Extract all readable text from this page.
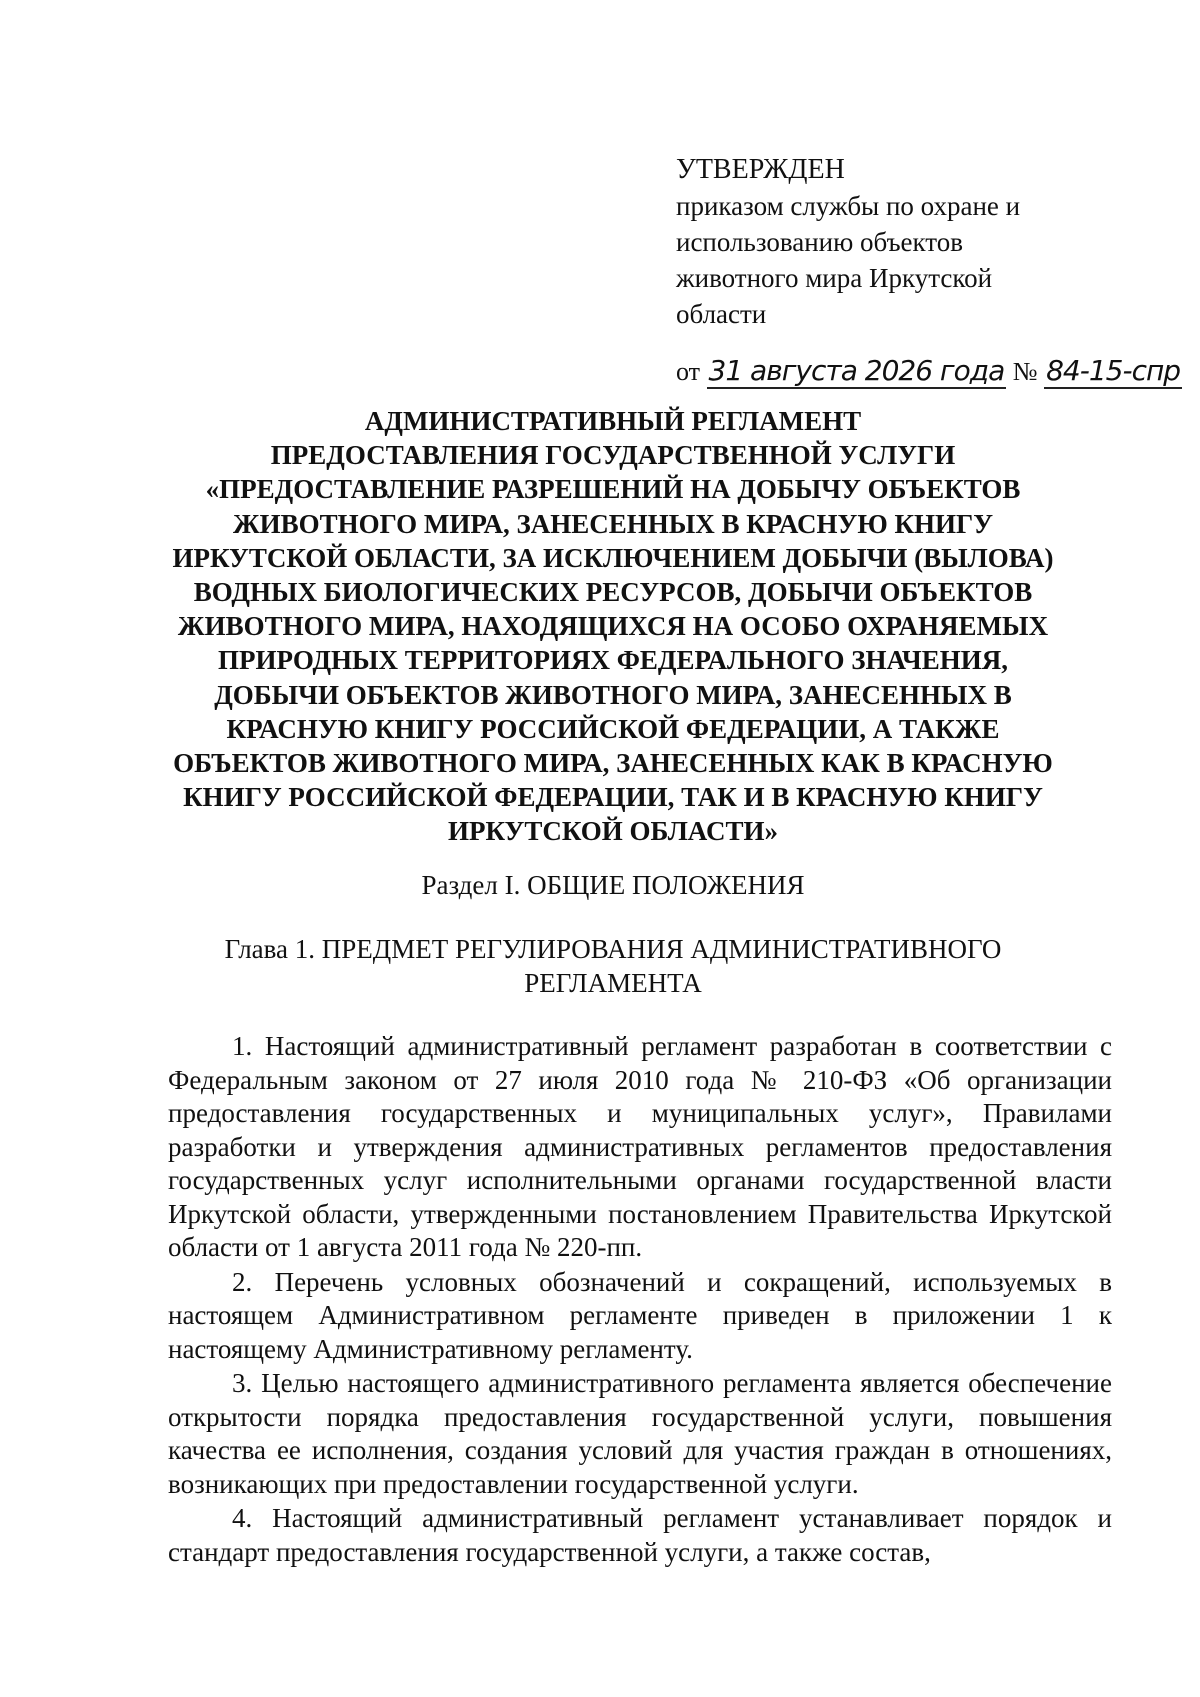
УТВЕРЖДЕН
приказом службы по охране и
использованию объектов
животного мира Иркутской
области
от 31 августа 2026 года № 84-15-спр
АДМИНИСТРАТИВНЫЙ РЕГЛАМЕНТ
ПРЕДОСТАВЛЕНИЯ ГОСУДАРСТВЕННОЙ УСЛУГИ
«ПРЕДОСТАВЛЕНИЕ РАЗРЕШЕНИЙ НА ДОБЫЧУ ОБЪЕКТОВ
ЖИВОТНОГО МИРА, ЗАНЕСЕННЫХ В КРАСНУЮ КНИГУ
ИРКУТСКОЙ ОБЛАСТИ, ЗА ИСКЛЮЧЕНИЕМ ДОБЫЧИ (ВЫЛОВА)
ВОДНЫХ БИОЛОГИЧЕСКИХ РЕСУРСОВ, ДОБЫЧИ ОБЪЕКТОВ
ЖИВОТНОГО МИРА, НАХОДЯЩИХСЯ НА ОСОБО ОХРАНЯЕМЫХ
ПРИРОДНЫХ ТЕРРИТОРИЯХ ФЕДЕРАЛЬНОГО ЗНАЧЕНИЯ,
ДОБЫЧИ ОБЪЕКТОВ ЖИВОТНОГО МИРА, ЗАНЕСЕННЫХ В
КРАСНУЮ КНИГУ РОССИЙСКОЙ ФЕДЕРАЦИИ, А ТАКЖЕ
ОБЪЕКТОВ ЖИВОТНОГО МИРА, ЗАНЕСЕННЫХ КАК В КРАСНУЮ
КНИГУ РОССИЙСКОЙ ФЕДЕРАЦИИ, ТАК И В КРАСНУЮ КНИГУ
ИРКУТСКОЙ ОБЛАСТИ»
Раздел I. ОБЩИЕ ПОЛОЖЕНИЯ
Глава 1. ПРЕДМЕТ РЕГУЛИРОВАНИЯ АДМИНИСТРАТИВНОГО
РЕГЛАМЕНТА

1. Настоящий административный регламент разработан в соответствии с Федеральным законом от 27 июля 2010 года № 210-ФЗ «Об организации предоставления государственных и муниципальных услуг», Правилами разработки и утверждения административных регламентов предоставления государственных услуг исполнительными органами государственной власти Иркутской области, утвержденными постановлением Правительства Иркутской области от 1 августа 2011 года № 220-пп.

2. Перечень условных обозначений и сокращений, используемых в настоящем Административном регламенте приведен в приложении 1 к настоящему Административному регламенту.

3. Целью настоящего административного регламента является обеспечение открытости порядка предоставления государственной услуги, повышения качества ее исполнения, создания условий для участия граждан в отношениях, возникающих при предоставлении государственной услуги.

4. Настоящий административный регламент устанавливает порядок и стандарт предоставления государственной услуги, а также состав,
